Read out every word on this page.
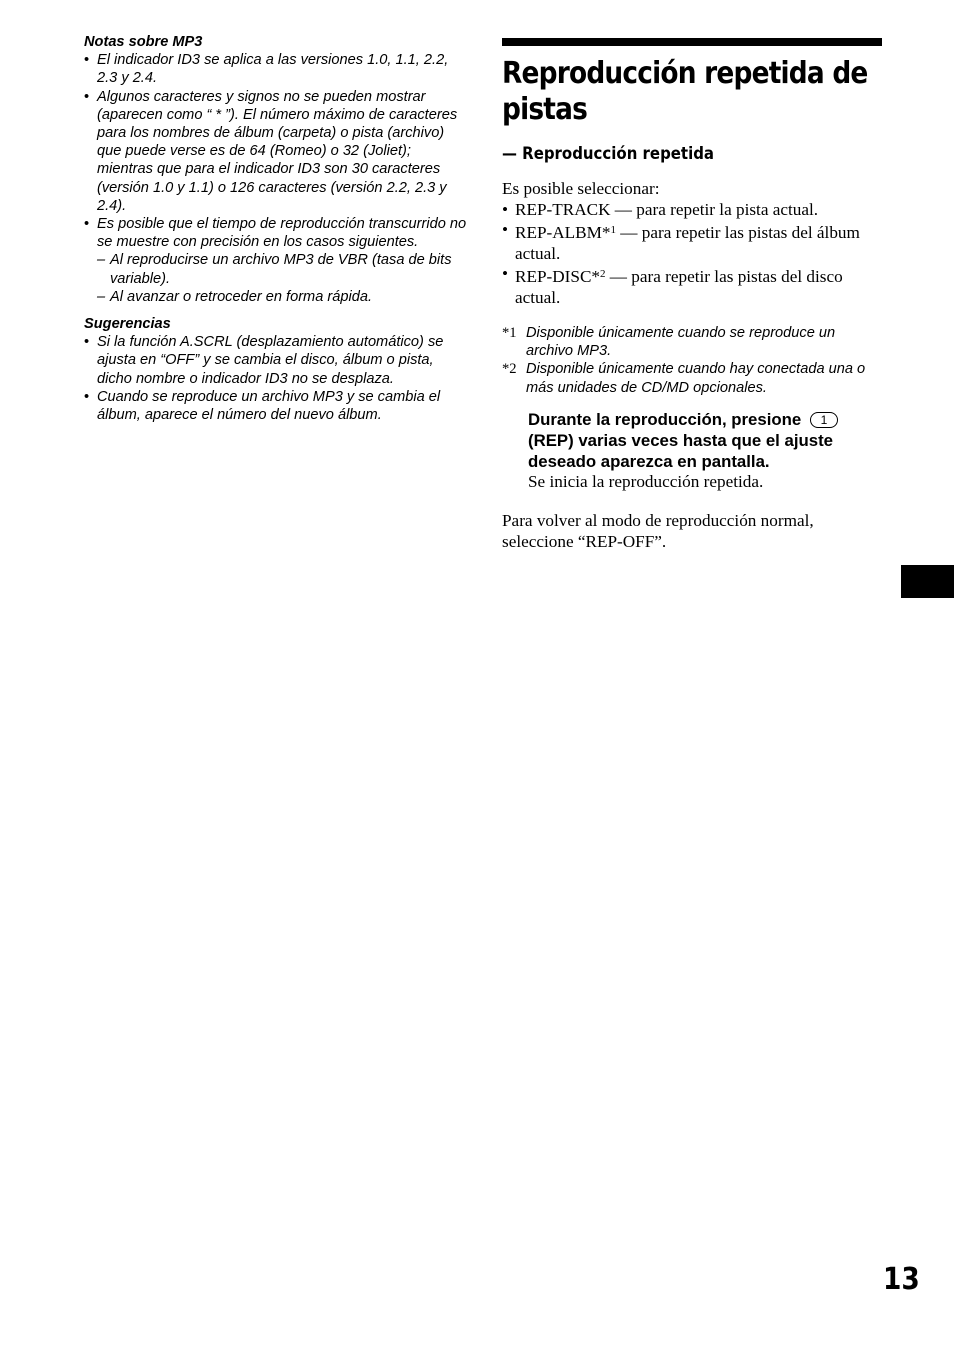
Notas sobre MP3

• El indicador ID3 se aplica a las versiones 1.0, 1.1, 2.2, 2.3 y 2.4.
• Algunos caracteres y signos no se pueden mostrar (aparecen como “ * ”). El número máximo de caracteres para los nombres de álbum (carpeta) o pista (archivo) que puede verse es de 64 (Romeo) o 32 (Joliet); mientras que para el indicador ID3 son 30 caracteres (versión 1.0 y 1.1) o 126 caracteres (versión 2.2, 2.3 y 2.4).
• Es posible que el tiempo de reproducción transcurrido no se muestre con precisión en los casos siguientes.
– Al reproducirse un archivo MP3 de VBR (tasa de bits variable).
– Al avanzar o retroceder en forma rápida.

Sugerencias

• Si la función A.SCRL (desplazamiento automático) se ajusta en “OFF” y se cambia el disco, álbum o pista, dicho nombre o indicador ID3 no se desplaza.
• Cuando se reproduce un archivo MP3 y se cambia el álbum, aparece el número del nuevo álbum.
Reproducción repetida de pistas
— Reproducción repetida

Es posible seleccionar:

• REP-TRACK — para repetir la pista actual.
• REP-ALBM*$^1$ — para repetir las pistas del álbum actual.
• REP-DISC*$^2$ — para repetir las pistas del disco actual.
*1 Disponible únicamente cuando se reproduce un archivo MP3.
*2 Disponible únicamente cuando hay conectada una o más unidades de CD/MD opcionales.

Durante la reproducción, presione 1 (REP) varias veces hasta que el ajuste deseado aparezca en pantalla.

Se inicia la reproducción repetida.

Para volver al modo de reproducción normal, seleccione “REP-OFF”.

13
